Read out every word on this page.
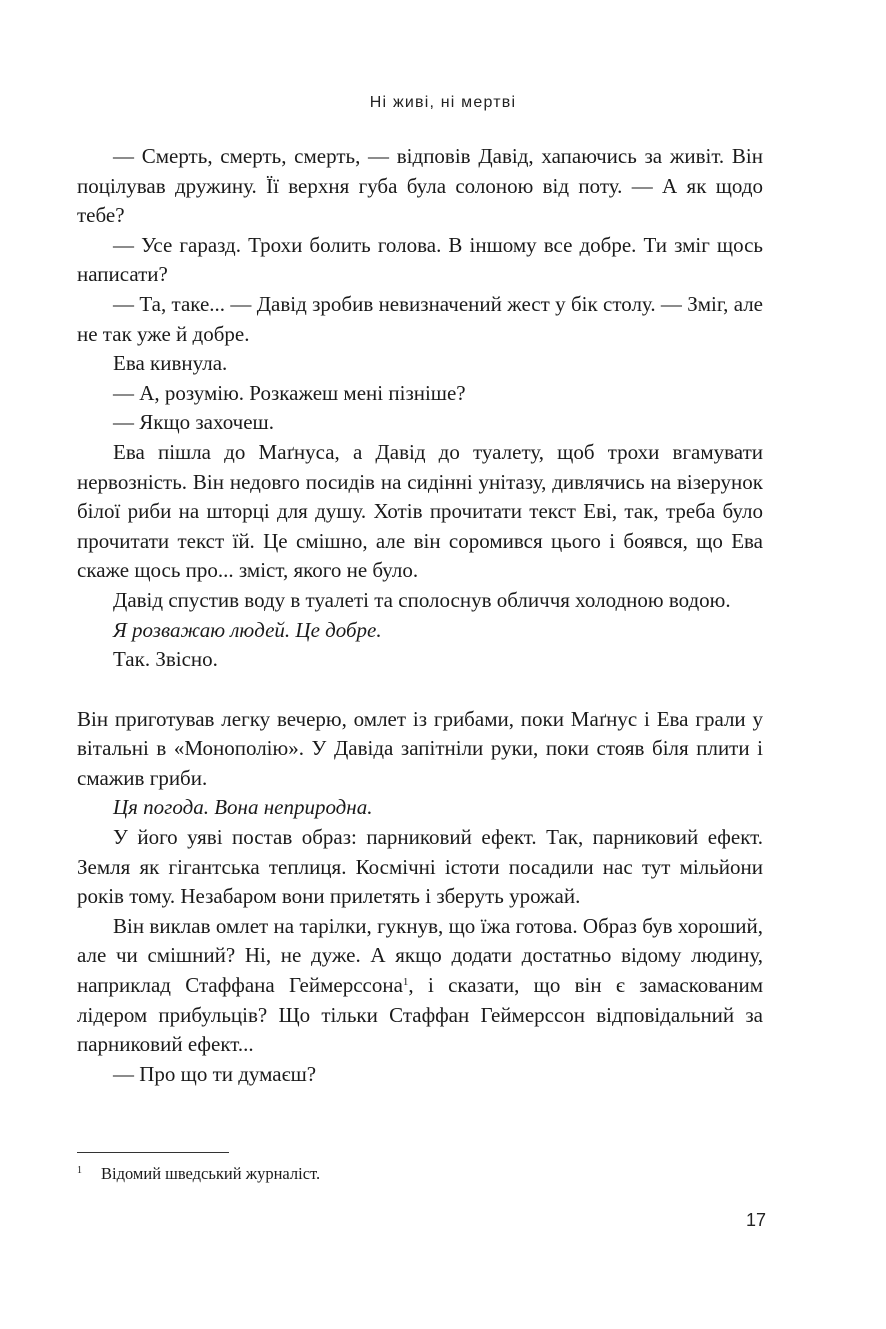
Ні живі, ні мертві

— Смерть, смерть, смерть, — відповів Давід, хапаючись за живіт. Він поцілував дружину. Її верхня губа була солоною від поту. — А як щодо тебе?

— Усе гаразд. Трохи болить голова. В іншому все добре. Ти зміг щось написати?

— Та, таке... — Давід зробив невизначений жест у бік столу. — Зміг, але не так уже й добре.

Ева кивнула.

— А, розумію. Розкажеш мені пізніше?

— Якщо захочеш.

Ева пішла до Маґнуса, а Давід до туалету, щоб трохи вгамувати нервозність. Він недовго посидів на сидінні унітазу, дивлячись на візерунок білої риби на шторці для душу. Хотів прочитати текст Еві, так, треба було прочитати текст їй. Це смішно, але він соромився цього і боявся, що Ева скаже щось про... зміст, якого не було.

Давід спустив воду в туалеті та сполоснув обличчя холодною водою.

Я розважаю людей. Це добре.

Так. Звісно.

Він приготував легку вечерю, омлет із грибами, поки Маґнус і Ева грали у вітальні в «Монополію». У Давіда запітніли руки, поки стояв біля плити і смажив гриби.

Ця погода. Вона неприродна.

У його уяві постав образ: парниковий ефект. Так, парниковий ефект. Земля як гігантська теплиця. Космічні істоти посадили нас тут мільйони років тому. Незабаром вони прилетять і зберуть урожай.

Він виклав омлет на тарілки, гукнув, що їжа готова. Образ був хороший, але чи смішний? Ні, не дуже. А якщо додати достатньо відому людину, наприклад Стаффана Геймерссона$^1$, і сказати, що він є замаскованим лідером прибульців? Що тільки Стаффан Геймерссон відповідальний за парниковий ефект...

— Про що ти думаєш?

1 Відомий шведський журналіст.
17
